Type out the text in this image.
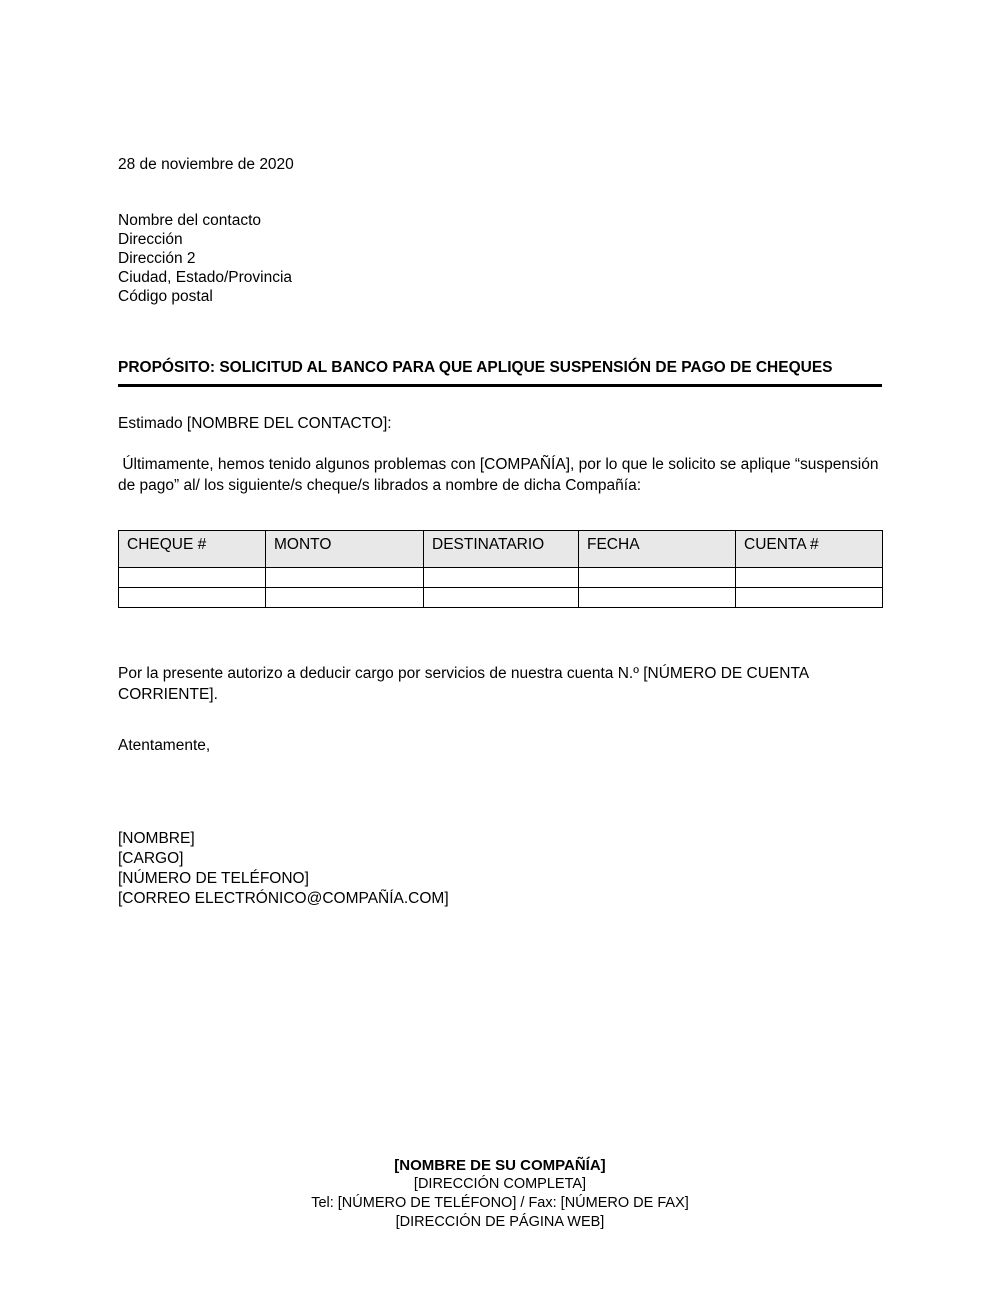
28 de noviembre de 2020
Nombre del contacto
Dirección
Dirección 2
Ciudad, Estado/Provincia
Código postal
PROPÓSITO: SOLICITUD AL BANCO PARA QUE APLIQUE SUSPENSIÓN DE PAGO DE CHEQUES
Estimado [NOMBRE DEL CONTACTO]:

Últimamente, hemos tenido algunos problemas con [COMPAÑÍA], por lo que le solicito se aplique “suspensión de pago” al/ los siguiente/s cheque/s librados a nombre de dicha Compañía:

CHEQUE #	MONTO	DESTINATARIO	FECHA	CUENTA #

Por la presente autorizo a deducir cargo por servicios de nuestra cuenta N.º [NÚMERO DE CUENTA CORRIENTE].

Atentamente,
[NOMBRE]
[CARGO]
[NÚMERO DE TELÉFONO]
[CORREO ELECTRÓNICO@COMPAÑÍA.COM]
[NOMBRE DE SU COMPAÑÍA]
[DIRECCIÓN COMPLETA]
Tel: [NÚMERO DE TELÉFONO] / Fax: [NÚMERO DE FAX]
[DIRECCIÓN DE PÁGINA WEB]
